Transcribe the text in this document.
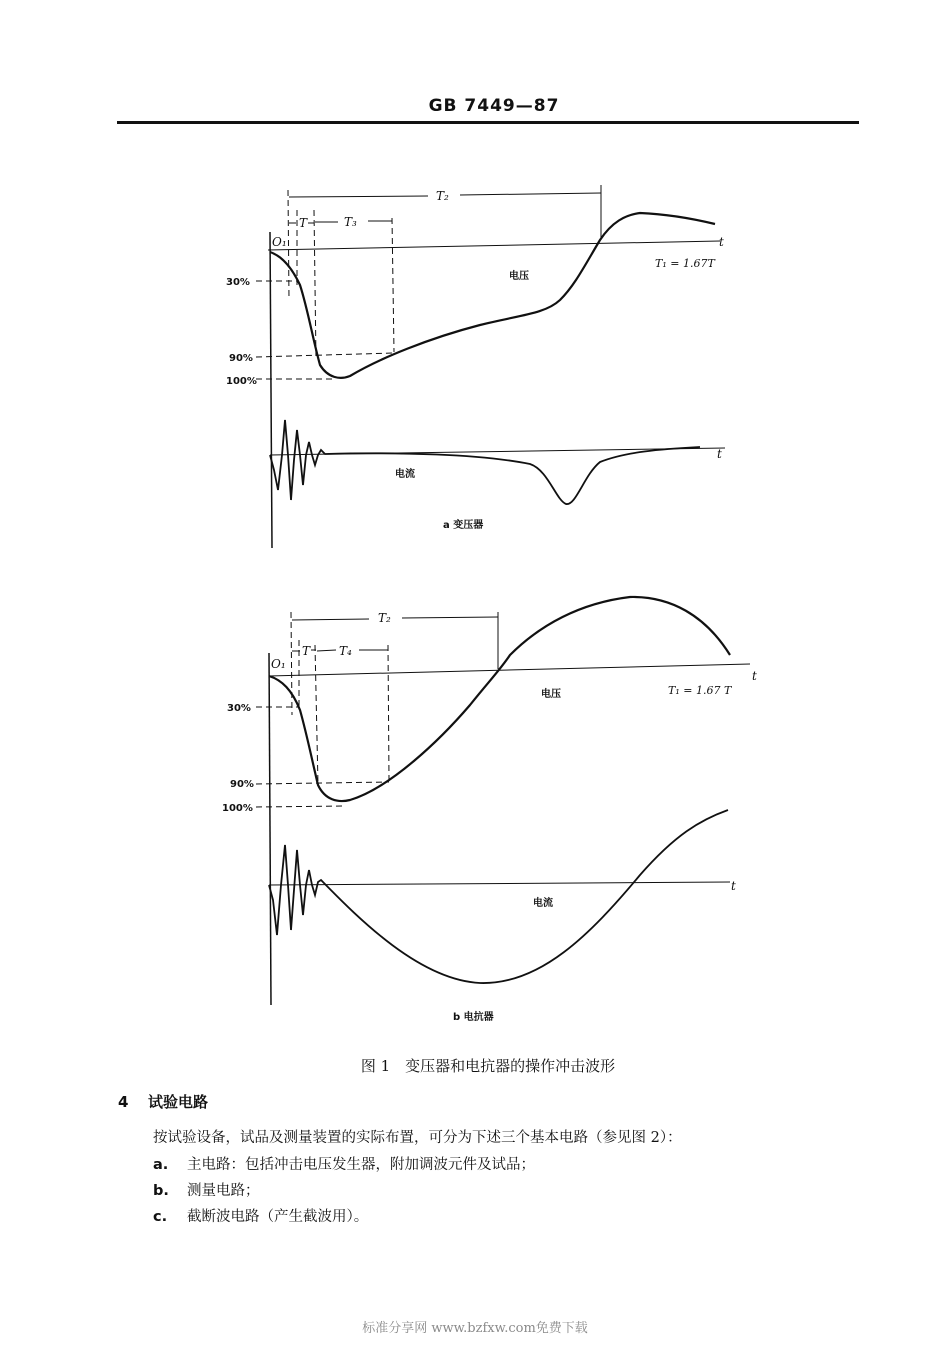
GB 7449—87
T₂
T	T₃
O₁	t
t
30%
90%
100%
电压
电流
T₁ = 1.67T
a 变压器
T₂
T T₄
O₁
t
t
30%
90%
100%
电压
电流
T₁ = 1.67 T
b 电抗器
图 1　变压器和电抗器的操作冲击波形
4 试验电路
按试验设备，试品及测量装置的实际布置，可分为下述三个基本电路（参见图 2）：
a. 主电路：包括冲击电压发生器，附加调波元件及试品；
b. 测量电路；
c. 截断波电路（产生截波用）。
标准分享网 www.bzfxw.com免费下载
